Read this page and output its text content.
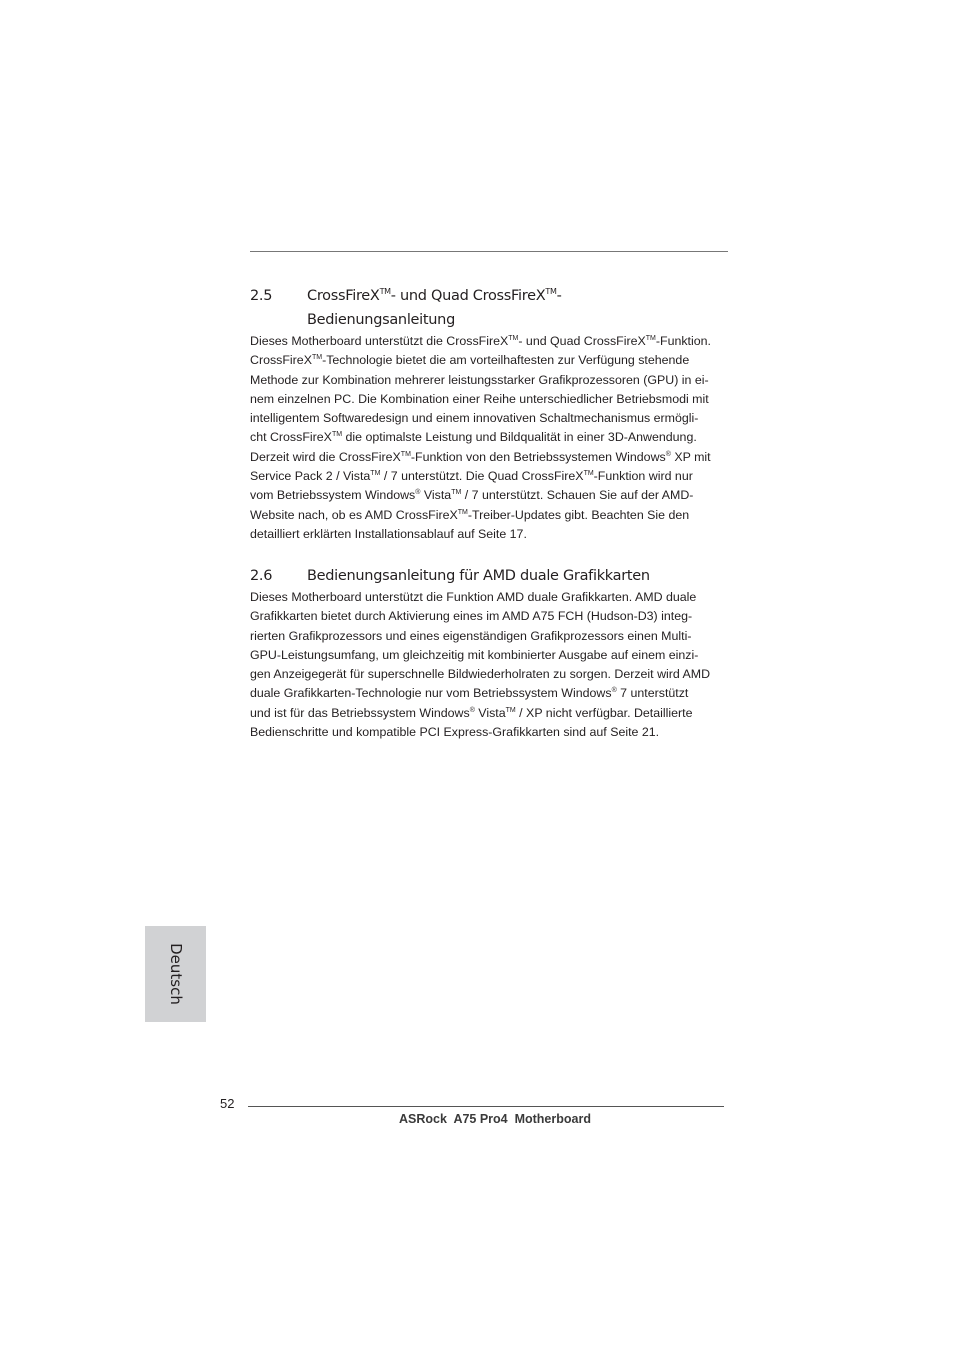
2.5 CrossFireX™- und Quad CrossFireX™-
Bedienungsanleitung

Dieses Motherboard unterstützt die CrossFireX™- und Quad CrossFireX™-Funktion.
CrossFireX™-Technologie bietet die am vorteilhaftesten zur Verfügung stehende
Methode zur Kombination mehrerer leistungsstarker Grafikprozessoren (GPU) in ei-
nem einzelnen PC. Die Kombination einer Reihe unterschiedlicher Betriebsmodi mit
intelligentem Softwaredesign und einem innovativen Schaltmechanismus ermögli-
cht CrossFireX™ die optimalste Leistung und Bildqualität in einer 3D-Anwendung.
Derzeit wird die CrossFireX™-Funktion von den Betriebssystemen Windows® XP mit
Service Pack 2 / Vista™ / 7 unterstützt. Die Quad CrossFireX™-Funktion wird nur
vom Betriebssystem Windows® Vista™ / 7 unterstützt. Schauen Sie auf der AMD-
Website nach, ob es AMD CrossFireX™-Treiber-Updates gibt. Beachten Sie den
detailliert erklärten Installationsablauf auf Seite 17.

2.6 Bedienungsanleitung für AMD duale Grafikkarten

Dieses Motherboard unterstützt die Funktion AMD duale Grafikkarten. AMD duale
Grafikkarten bietet durch Aktivierung eines im AMD A75 FCH (Hudson-D3) integ-
rierten Grafikprozessors und eines eigenständigen Grafikprozessors einen Multi-
GPU-Leistungsumfang, um gleichzeitig mit kombinierter Ausgabe auf einem einzi-
gen Anzeigegerät für superschnelle Bildwiederholraten zu sorgen. Derzeit wird AMD
duale Grafikkarten-Technologie nur vom Betriebssystem Windows® 7 unterstützt
und ist für das Betriebssystem Windows® Vista™ / XP nicht verfügbar. Detaillierte
Bedienschritte und kompatible PCI Express-Grafikkarten sind auf Seite 21.

Deutsch
52
ASRock  A75 Pro4  Motherboard
